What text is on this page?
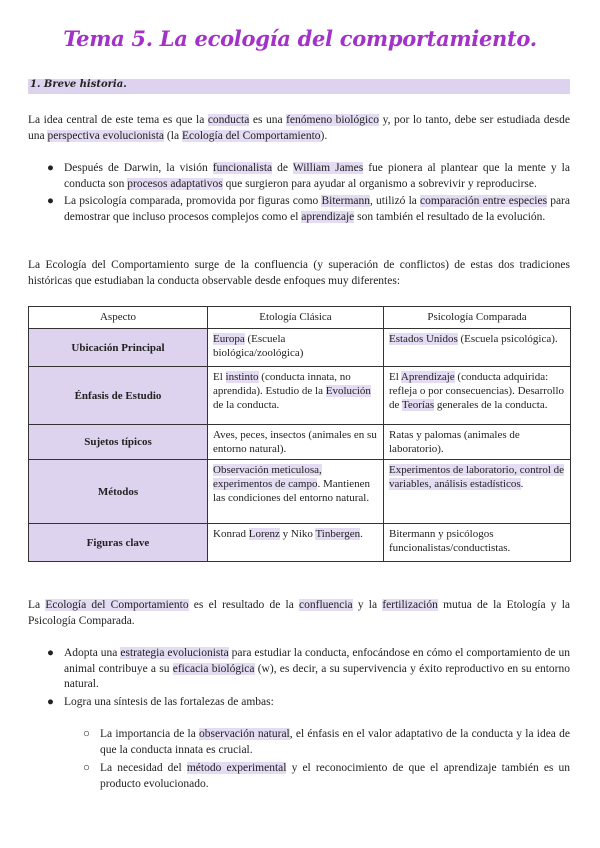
Tema 5. La ecología del comportamiento.
1. Breve historia.

La idea central de este tema es que la conducta es una fenómeno biológico y, por lo tanto, debe ser estudiada desde una perspectiva evolucionista (la Ecología del Comportamiento).

● Después de Darwin, la visión funcionalista de William James fue pionera al plantear que la mente y la conducta son procesos adaptativos que surgieron para ayudar al organismo a sobrevivir y reproducirse.
● La psicología comparada, promovida por figuras como Bitermann, utilizó la comparación entre especies para demostrar que incluso procesos complejos como el aprendizaje son también el resultado de la evolución.

La Ecología del Comportamiento surge de la confluencia (y superación de conflictos) de estas dos tradiciones históricas que estudiaban la conducta observable desde enfoques muy diferentes:

Aspecto	Etología Clásica	Psicología Comparada
Ubicación Principal	Europa (Escuela biológica/zoológica)	Estados Unidos (Escuela psicológica).
Énfasis de Estudio	El instinto (conducta innata, no aprendida). Estudio de la Evolución de la conducta.	El Aprendizaje (conducta adquirida: refleja o por consecuencias). Desarrollo de Teorías generales de la conducta.
Sujetos típicos	Aves, peces, insectos (animales en su entorno natural).	Ratas y palomas (animales de laboratorio).
Métodos	Observación meticulosa, experimentos de campo. Mantienen las condiciones del entorno natural.	Experimentos de laboratorio, control de variables, análisis estadísticos.
Figuras clave	Konrad Lorenz y Niko Tinbergen.	Bitermann y psicólogos funcionalistas/conductistas.

La Ecología del Comportamiento es el resultado de la confluencia y la fertilización mutua de la Etología y la Psicología Comparada.

● Adopta una estrategia evolucionista para estudiar la conducta, enfocándose en cómo el comportamiento de un animal contribuye a su eficacia biológica (w), es decir, a su supervivencia y éxito reproductivo en su entorno natural.
● Logra una síntesis de las fortalezas de ambas:
○ La importancia de la observación natural, el énfasis en el valor adaptativo de la conducta y la idea de que la conducta innata es crucial.
○ La necesidad del método experimental y el reconocimiento de que el aprendizaje también es un producto evolucionado.
